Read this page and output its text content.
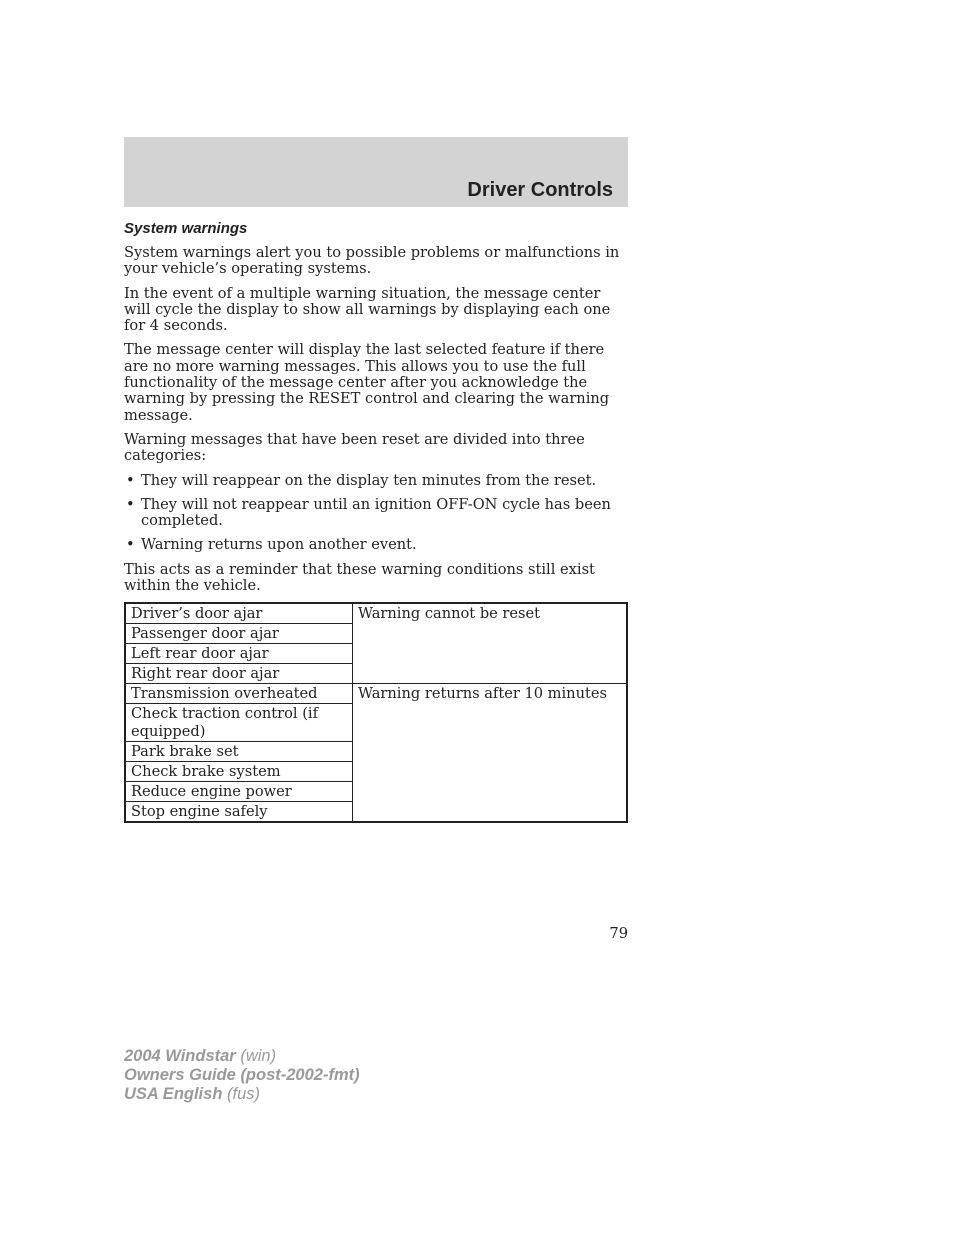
Driver Controls
System warnings

System warnings alert you to possible problems or malfunctions in your vehicle’s operating systems.

In the event of a multiple warning situation, the message center will cycle the display to show all warnings by displaying each one for 4 seconds.

The message center will display the last selected feature if there are no more warning messages. This allows you to use the full functionality of the message center after you acknowledge the warning by pressing the RESET control and clearing the warning message.

Warning messages that have been reset are divided into three categories:

• They will reappear on the display ten minutes from the reset.
• They will not reappear until an ignition OFF-ON cycle has been completed.
• Warning returns upon another event.

This acts as a reminder that these warning conditions still exist within the vehicle.

Driver’s door ajar	Warning cannot be reset
Passenger door ajar	
Left rear door ajar	
Right rear door ajar	
Transmission overheated	Warning returns after 10 minutes
Check traction control (if equipped)	
Park brake set	
Check brake system	
Reduce engine power	
Stop engine safely	
79
2004 Windstar (win)
Owners Guide (post-2002-fmt)
USA English (fus)
